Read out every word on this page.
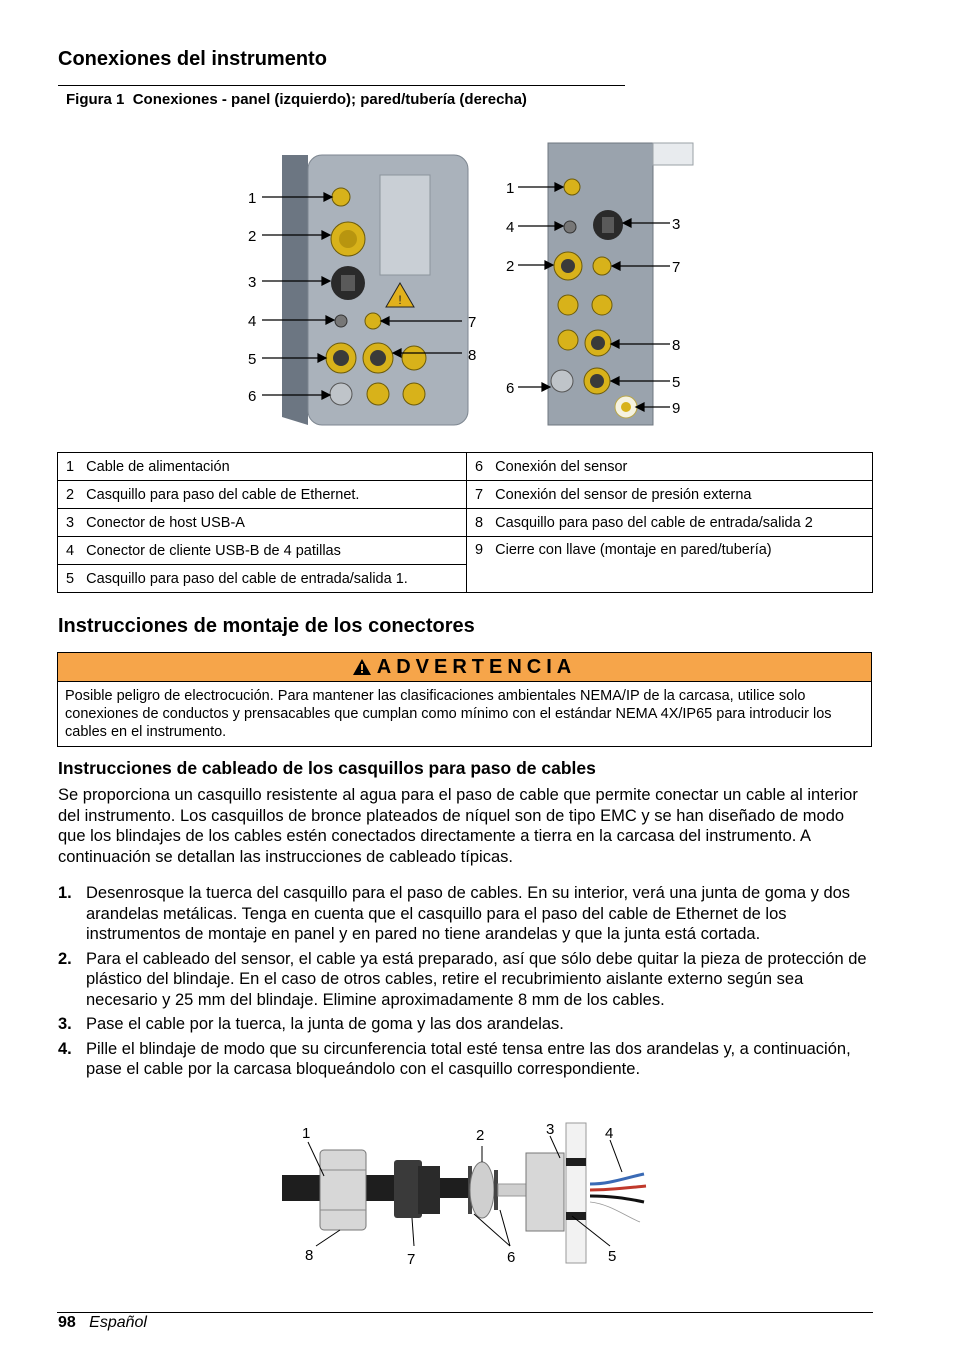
Conexiones del instrumento
Figura 1 Conexiones - panel (izquierdo); pared/tubería (derecha)
!
1
2
3
4
5
6
7
8
1
4
2
6
3
7
8
5
9
1 Cable de alimentación	6 Conexión del sensor
2 Casquillo para paso del cable de Ethernet.	7 Conexión del sensor de presión externa
3 Conector de host USB-A	8 Casquillo para paso del cable de entrada/salida 2
4 Conector de cliente USB-B de 4 patillas	9 Cierre con llave (montaje en pared/tubería)
5 Casquillo para paso del cable de entrada/salida 1.	
Instrucciones de montaje de los conectores
ADVERTENCIA
Posible peligro de electrocución. Para mantener las clasificaciones ambientales NEMA/IP de la carcasa, utilice solo conexiones de conductos y prensacables que cumplan como mínimo con el estándar NEMA 4X/IP65 para introducir los cables en el instrumento.
Instrucciones de cableado de los casquillos para paso de cables
Se proporciona un casquillo resistente al agua para el paso de cable que permite conectar un cable al interior del instrumento. Los casquillos de bronce plateados de níquel son de tipo EMC y se han diseñado de modo que los blindajes de los cables estén conectados directamente a tierra en la carcasa del instrumento. A continuación se detallan las instrucciones de cableado típicas.
1. Desenrosque la tuerca del casquillo para el paso de cables. En su interior, verá una junta de goma y dos arandelas metálicas. Tenga en cuenta que el casquillo para el paso del cable de Ethernet de los instrumentos de montaje en panel y en pared no tiene arandelas y que la junta está cortada.
2. Para el cableado del sensor, el cable ya está preparado, así que sólo debe quitar la pieza de protección de plástico del blindaje. En el caso de otros cables, retire el recubrimiento aislante externo según sea necesario y 25 mm del blindaje. Elimine aproximadamente 8 mm de los cables.
3. Pase el cable por la tuerca, la junta de goma y las dos arandelas.
4. Pille el blindaje de modo que su circunferencia total esté tensa entre las dos arandelas y, a continuación, pase el cable por la carcasa bloqueándolo con el casquillo correspondiente.
1	2	3	4
8	7	6	5
98 Español
